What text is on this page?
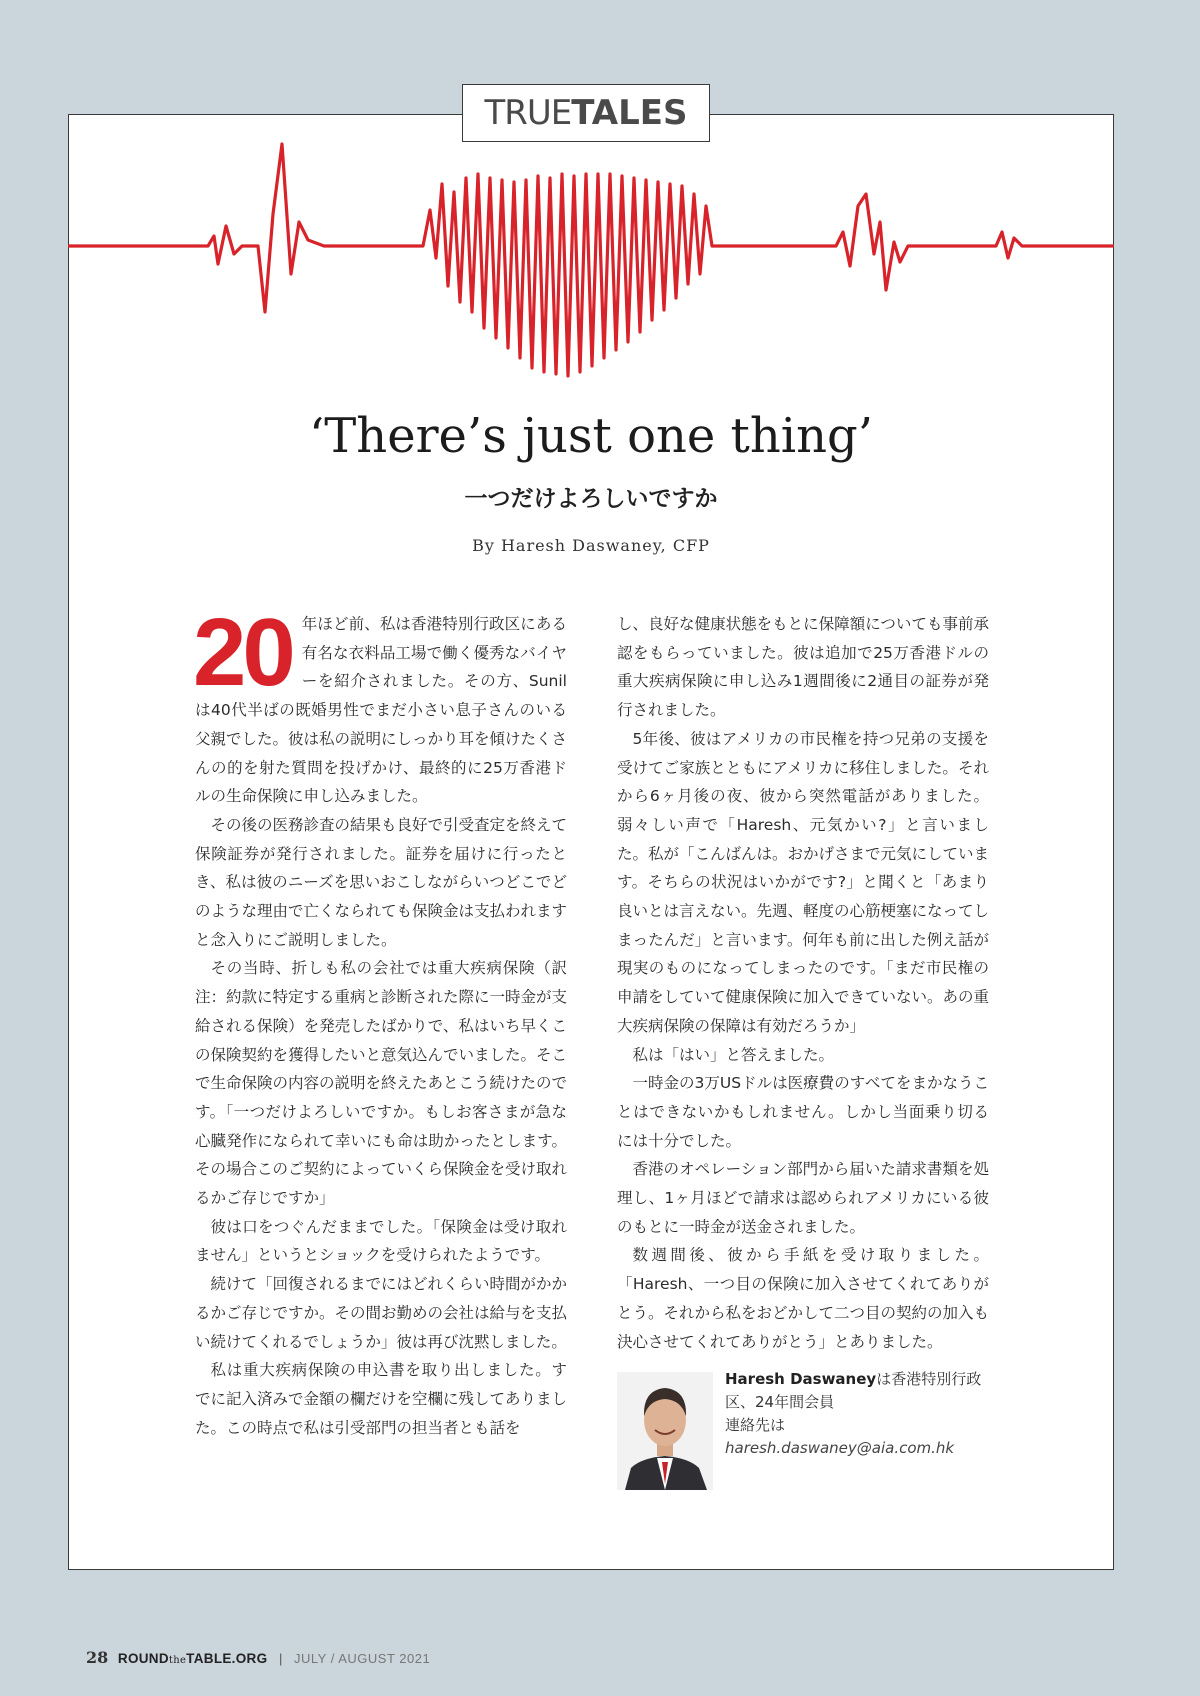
TRUETALES
‘There’s just one thing’
一つだけよろしいですか
By Haresh Daswaney, CFP

20 年ほど前、私は香港特別行政区にある有名な衣料品工場で働く優秀なバイヤーを紹介されました。その方、Sunilは40代半ばの既婚男性でまだ小さい息子さんのいる父親でした。彼は私の説明にしっかり耳を傾けたくさんの的を射た質問を投げかけ、最終的に25万香港ドルの生命保険に申し込みました。

その後の医務診査の結果も良好で引受査定を終えて保険証券が発行されました。証券を届けに行ったとき、私は彼のニーズを思いおこしながらいつどこでどのような理由で亡くなられても保険金は支払われますと念入りにご説明しました。

その当時、折しも私の会社では重大疾病保険（訳注：約款に特定する重病と診断された際に一時金が支給される保険）を発売したばかりで、私はいち早くこの保険契約を獲得したいと意気込んでいました。そこで生命保険の内容の説明を終えたあとこう続けたのです。「一つだけよろしいですか。もしお客さまが急な心臓発作になられて幸いにも命は助かったとします。その場合このご契約によっていくら保険金を受け取れるかご存じですか」

彼は口をつぐんだままでした。「保険金は受け取れません」というとショックを受けられたようです。

続けて「回復されるまでにはどれくらい時間がかかるかご存じですか。その間お勤めの会社は給与を支払い続けてくれるでしょうか」彼は再び沈黙しました。

私は重大疾病保険の申込書を取り出しました。すでに記入済みで金額の欄だけを空欄に残してありました。この時点で私は引受部門の担当者とも話を

し、良好な健康状態をもとに保障額についても事前承認をもらっていました。彼は追加で25万香港ドルの重大疾病保険に申し込み1週間後に2通目の証券が発行されました。

5年後、彼はアメリカの市民権を持つ兄弟の支援を受けてご家族とともにアメリカに移住しました。それから6ヶ月後の夜、彼から突然電話がありました。弱々しい声で「Haresh、元気かい?」と言いました。私が「こんばんは。おかげさまで元気にしています。そちらの状況はいかがです?」と聞くと「あまり良いとは言えない。先週、軽度の心筋梗塞になってしまったんだ」と言います。何年も前に出した例え話が現実のものになってしまったのです。「まだ市民権の申請をしていて健康保険に加入できていない。あの重大疾病保険の保障は有効だろうか」

私は「はい」と答えました。

一時金の3万USドルは医療費のすべてをまかなうことはできないかもしれません。しかし当面乗り切るには十分でした。

香港のオペレーション部門から届いた請求書類を処理し、1ヶ月ほどで請求は認められアメリカにいる彼のもとに一時金が送金されました。

数週間後、彼から手紙を受け取りました。「Haresh、一つ目の保険に加入させてくれてありがとう。それから私をおどかして二つ目の契約の加入も決心させてくれてありがとう」とありました。

Haresh Daswaneyは香港特別行政区、24年間会員
連絡先はharesh.daswaney@aia.com.hk
28 ROUNDtheTABLE.ORG | JULY / AUGUST 2021
